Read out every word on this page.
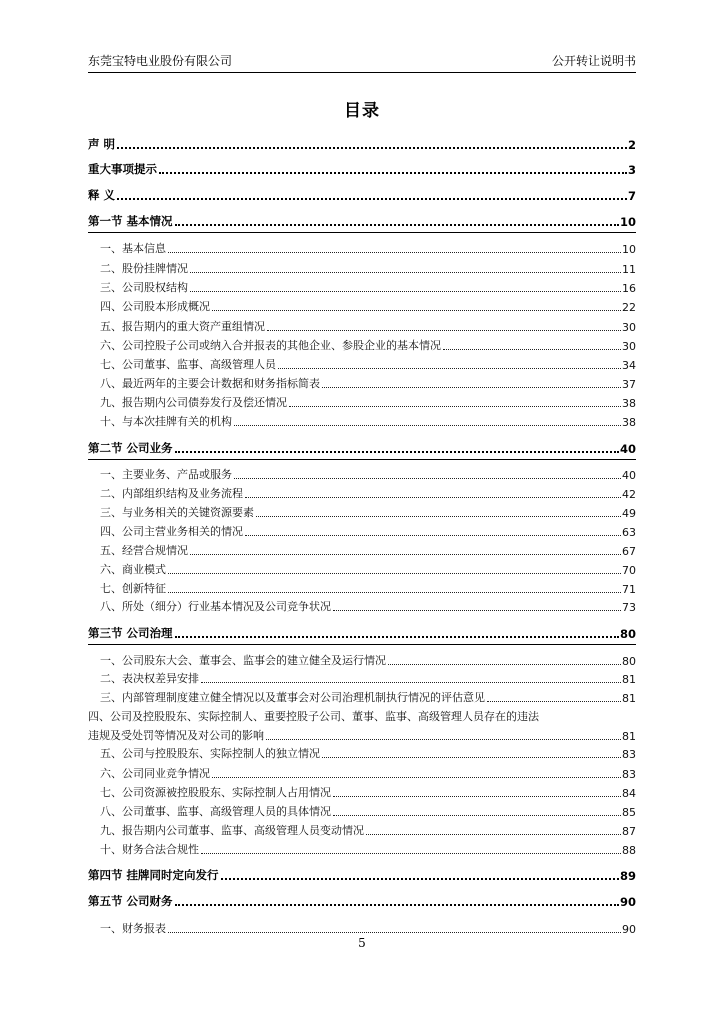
东莞宝特电业股份有限公司	公开转让说明书
目录
声 明	2
重大事项提示	3
释 义	7
第一节 基本情况	10
一、基本信息	10
二、股份挂牌情况	11
三、公司股权结构	16
四、公司股本形成概况	22
五、报告期内的重大资产重组情况	30
六、公司控股子公司或纳入合并报表的其他企业、参股企业的基本情况	30
七、公司董事、监事、高级管理人员	34
八、最近两年的主要会计数据和财务指标简表	37
九、报告期内公司债券发行及偿还情况	38
十、与本次挂牌有关的机构	38
第二节 公司业务	40
一、主要业务、产品或服务	40
二、内部组织结构及业务流程	42
三、与业务相关的关键资源要素	49
四、公司主营业务相关的情况	63
五、经营合规情况	67
六、商业模式	70
七、创新特征	71
八、所处（细分）行业基本情况及公司竞争状况	73
第三节 公司治理	80
一、公司股东大会、董事会、监事会的建立健全及运行情况	80
二、表决权差异安排	81
三、内部管理制度建立健全情况以及董事会对公司治理机制执行情况的评估意见	81
四、公司及控股股东、实际控制人、重要控股子公司、董事、监事、高级管理人员存在的违法
违规及受处罚等情况及对公司的影响	81
五、公司与控股股东、实际控制人的独立情况	83
六、公司同业竞争情况	83
七、公司资源被控股股东、实际控制人占用情况	84
八、公司董事、监事、高级管理人员的具体情况	85
九、报告期内公司董事、监事、高级管理人员变动情况	87
十、财务合法合规性	88
第四节 挂牌同时定向发行	89
第五节 公司财务	90
一、财务报表	90
5
